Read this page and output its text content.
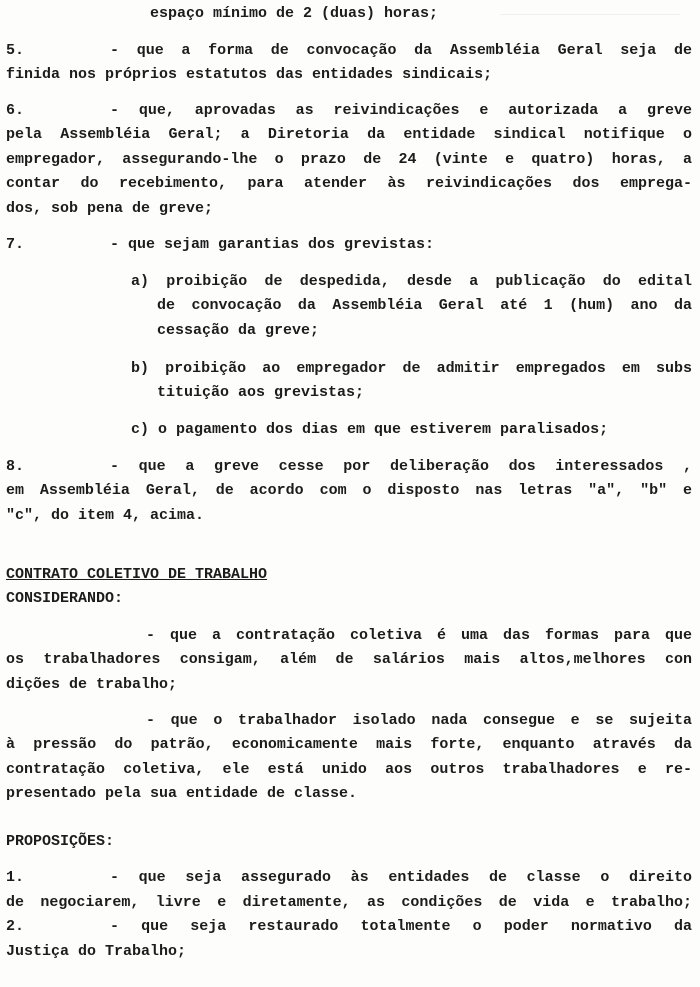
espaço mínimo de 2 (duas) horas;
5.	- que a forma de convocação da Assembléia Geral seja de
finida nos próprios estatutos das entidades sindicais;
6.	- que, aprovadas as reivindicações e autorizada a greve
pela Assembléia Geral; a Diretoria da entidade sindical notifique o
empregador, assegurando-lhe o prazo de 24 (vinte e quatro) horas, a
contar do recebimento, para atender às reivindicações dos emprega-
dos, sob pena de greve;
7.	- que sejam garantias dos grevistas:
a) proibição de despedida, desde a publicação do edital
de convocação da Assembléia Geral até 1 (hum) ano da
cessação da greve;
b) proibição ao empregador de admitir empregados em subs
tituição aos grevistas;
c) o pagamento dos dias em que estiverem paralisados;
8.	- que a greve cesse por deliberação dos interessados ,
em Assembléia Geral, de acordo com o disposto nas letras "a", "b" e
"c", do item 4, acima.
CONTRATO COLETIVO DE TRABALHO
CONSIDERANDO:
- que a contratação coletiva é uma das formas para que
os trabalhadores consigam, além de salários mais altos,melhores con
dições de trabalho;
- que o trabalhador isolado nada consegue e se sujeita
à pressão do patrão, economicamente mais forte, enquanto através da
contratação coletiva, ele está unido aos outros trabalhadores e re-
presentado pela sua entidade de classe.
PROPOSIÇÕES:
1.	- que seja assegurado às entidades de classe o direito
de negociarem, livre e diretamente, as condições de vida e trabalho;
2.	- que seja restaurado totalmente o poder normativo da
Justiça do Trabalho;
